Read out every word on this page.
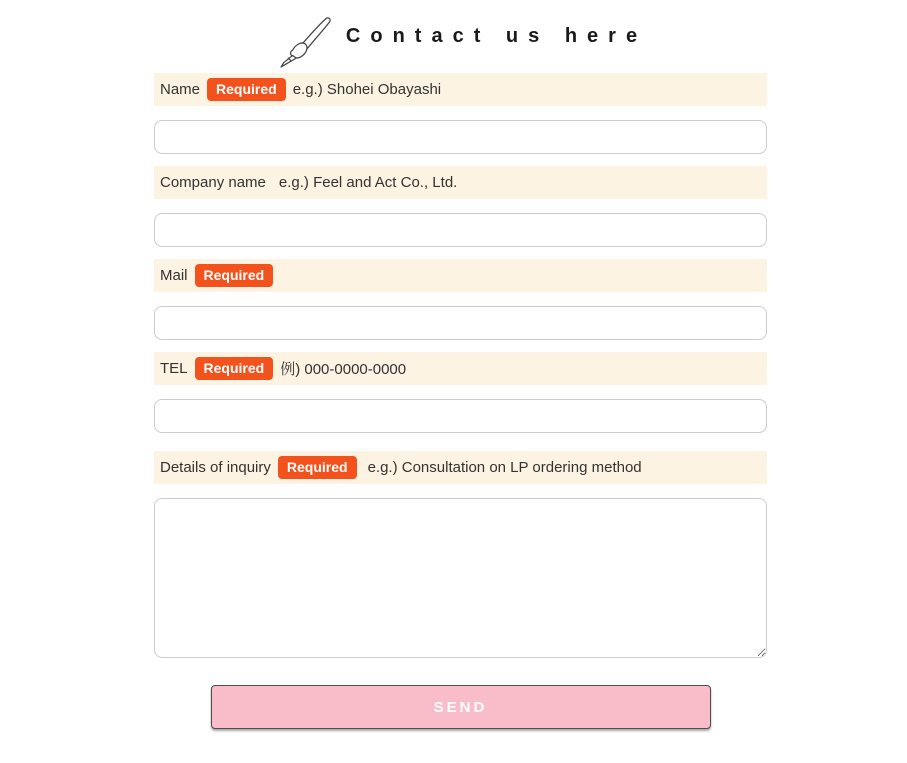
Contact us here
Name	Required	e.g.) Shohei Obayashi
Company name e.g.) Feel and Act Co., Ltd.
Mail	Required
TEL	Required	例) 000-0000-0000
Details of inquiry	Required	e.g.) Consultation on LP ordering method
SEND
